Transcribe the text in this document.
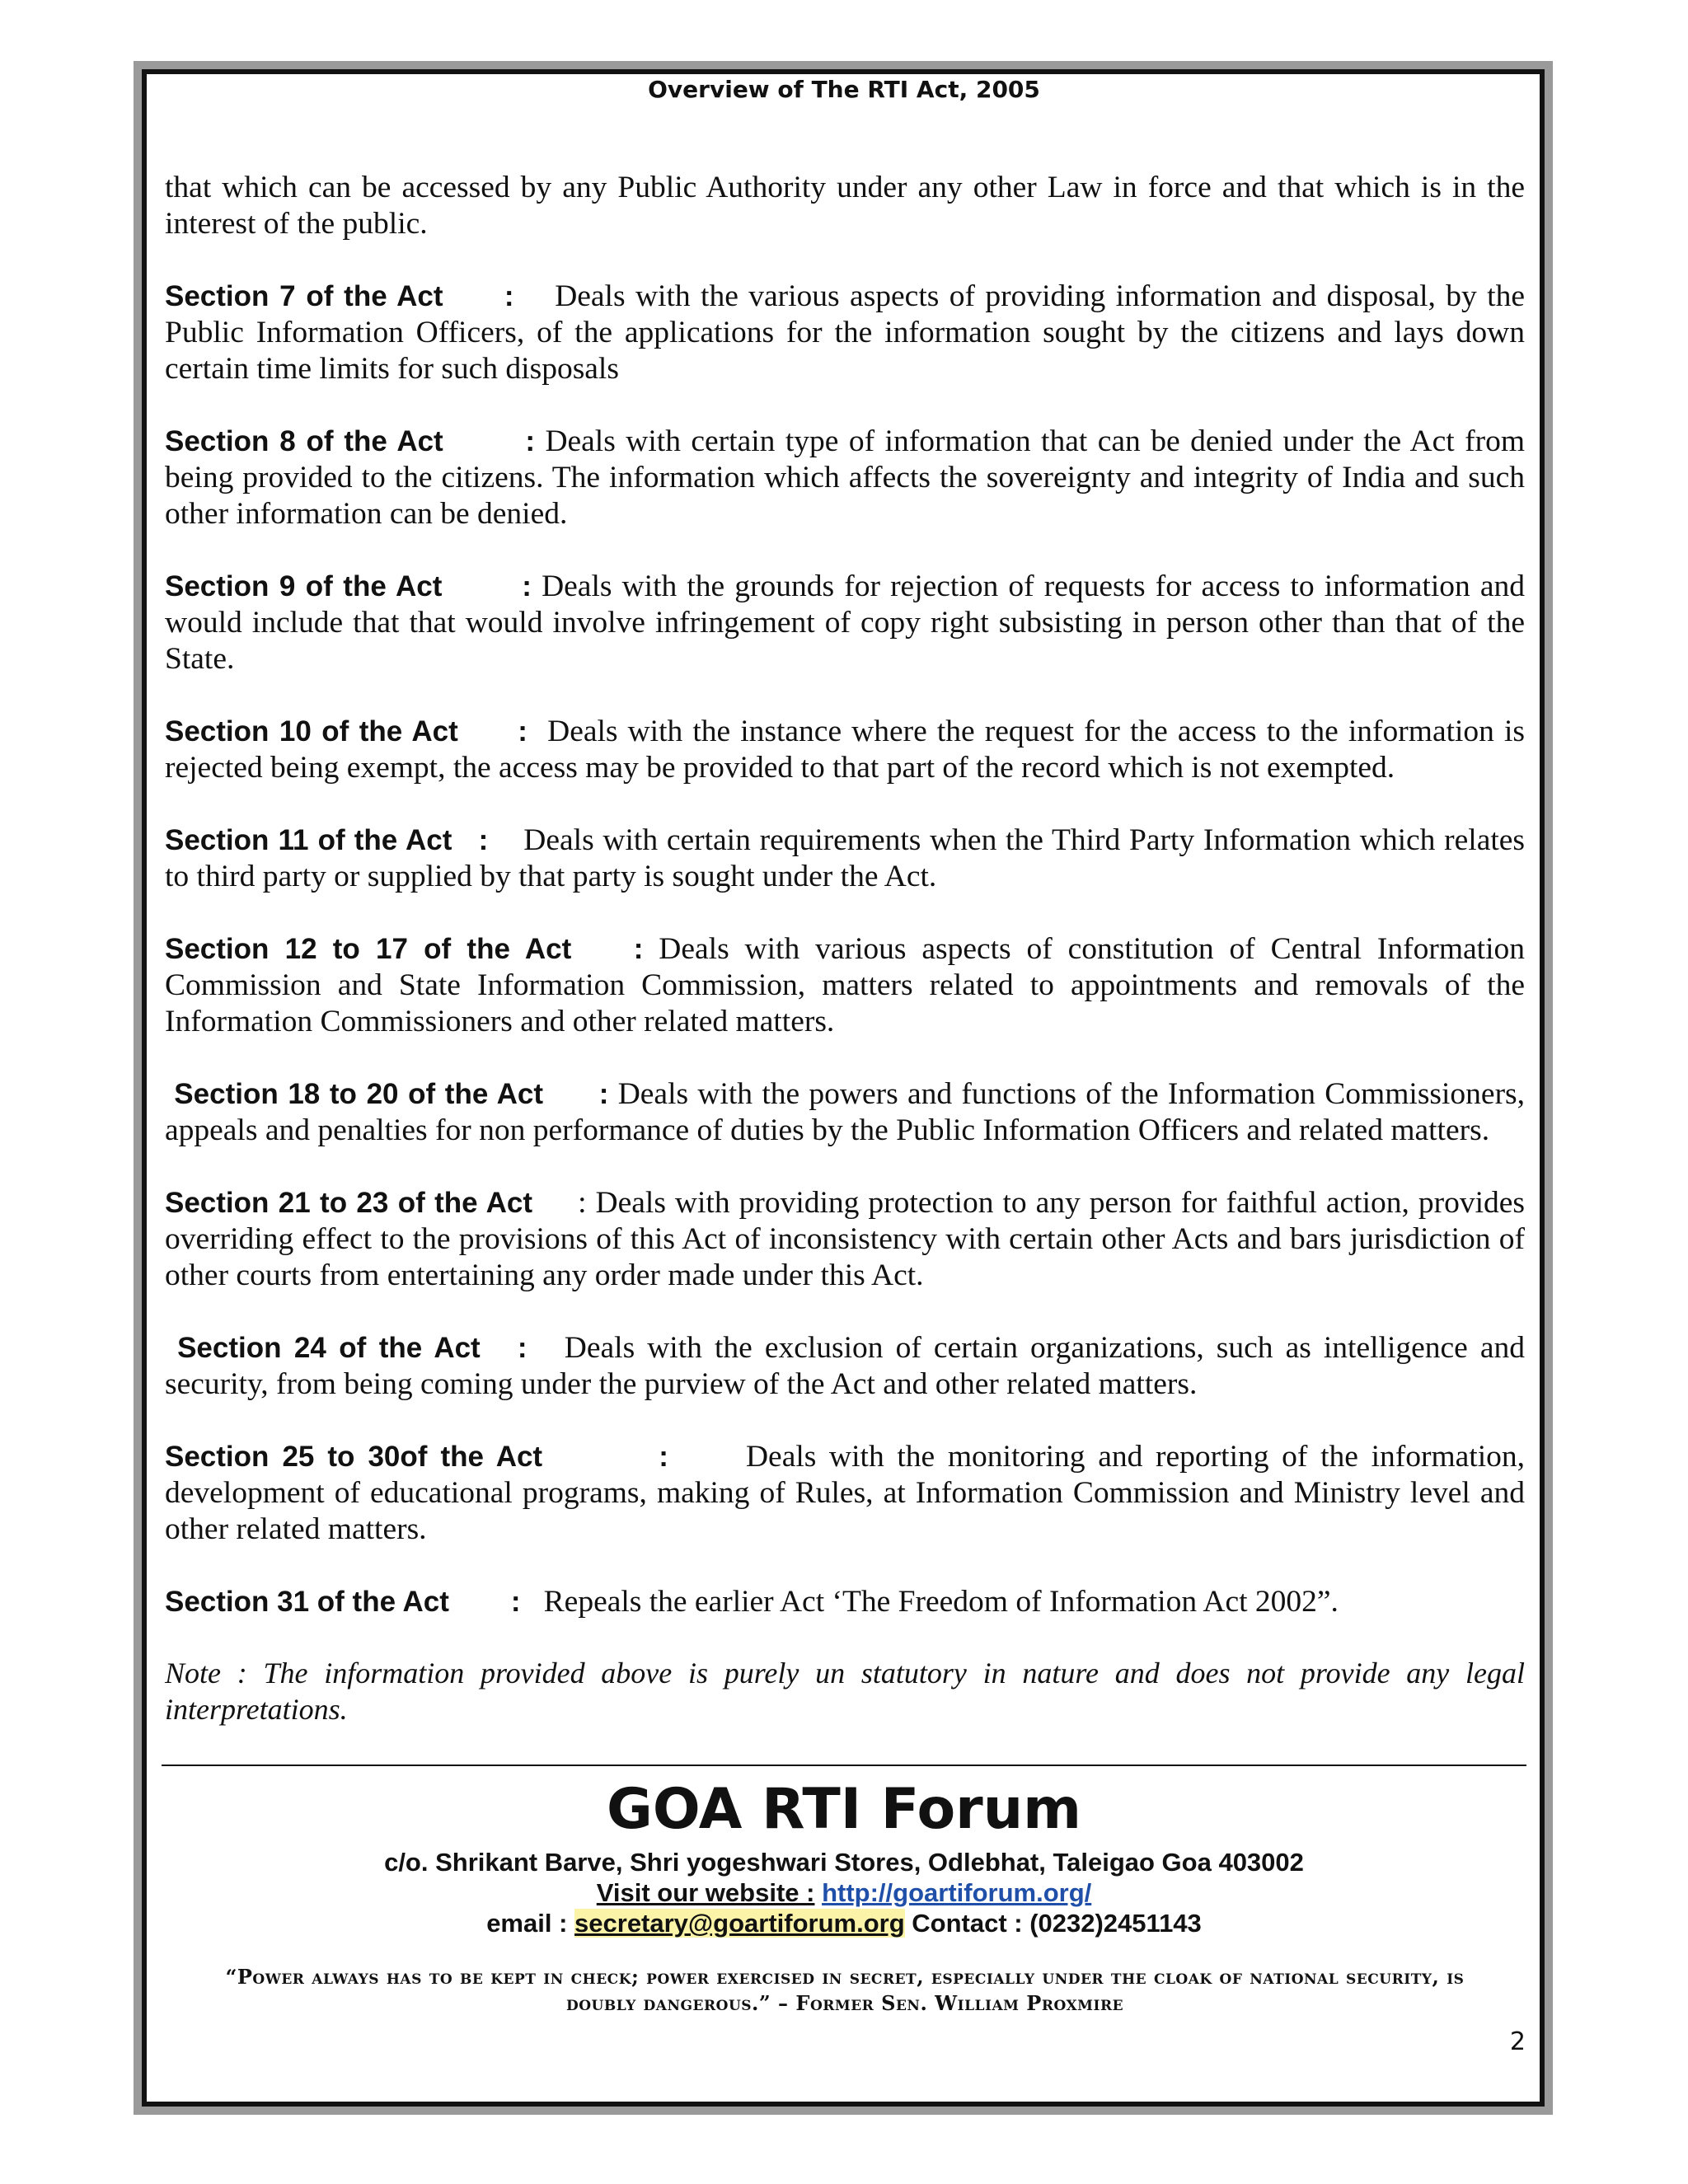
Overview of The RTI Act, 2005

that which can be accessed by any Public Authority under any other Law in force and that which is in the interest of the public.

Section 7 of the Act : Deals with the various aspects of providing information and disposal, by the Public Information Officers, of the applications for the information sought by the citizens and lays down certain time limits for such disposals

Section 8 of the Act	: Deals with certain type of information that can be denied under the Act from being provided to the citizens. The information which affects the sovereignty and integrity of India and such other information can be denied.

Section 9 of the Act	: Deals with the grounds for rejection of requests for access to information and would include that that would involve infringement of copy right subsisting in person other than that of the State.

Section 10 of the Act : Deals with the instance where the request for the access to the information is rejected being exempt, the access may be provided to that part of the record which is not exempted.

Section 11 of the Act : Deals with certain requirements when the Third Party Information which relates to third party or supplied by that party is sought under the Act.

Section 12 to 17 of the Act : Deals with various aspects of constitution of Central Information Commission and State Information Commission, matters related to appointments and removals of the Information Commissioners and other related matters.

Section 18 to 20 of the Act : Deals with the powers and functions of the Information Commissioners, appeals and penalties for non performance of duties by the Public Information Officers and related matters.

Section 21 to 23 of the Act : Deals with providing protection to any person for faithful action, provides overriding effect to the provisions of this Act of inconsistency with certain other Acts and bars jurisdiction of other courts from entertaining any order made under this Act.

Section 24 of the Act : Deals with the exclusion of certain organizations, such as intelligence and security, from being coming under the purview of the Act and other related matters.

Section 25 to 30of the Act	:	Deals with the monitoring and reporting of the information, development of educational programs, making of Rules, at Information Commission and Ministry level and other related matters.

Section 31 of the Act : Repeals the earlier Act ‘The Freedom of Information Act 2002”.

Note : The information provided above is purely un statutory in nature and does not provide any legal interpretations.

GOA RTI Forum
c/o. Shrikant Barve, Shri yogeshwari Stores, Odlebhat, Taleigao Goa 403002
Visit our website : http://goartiforum.org/
email : secretary@goartiforum.org Contact : (0232)2451143
“Power always has to be kept in check; power exercised in secret, especially under the cloak of national security, is doubly dangerous.” – Former Sen. William Proxmire
2
